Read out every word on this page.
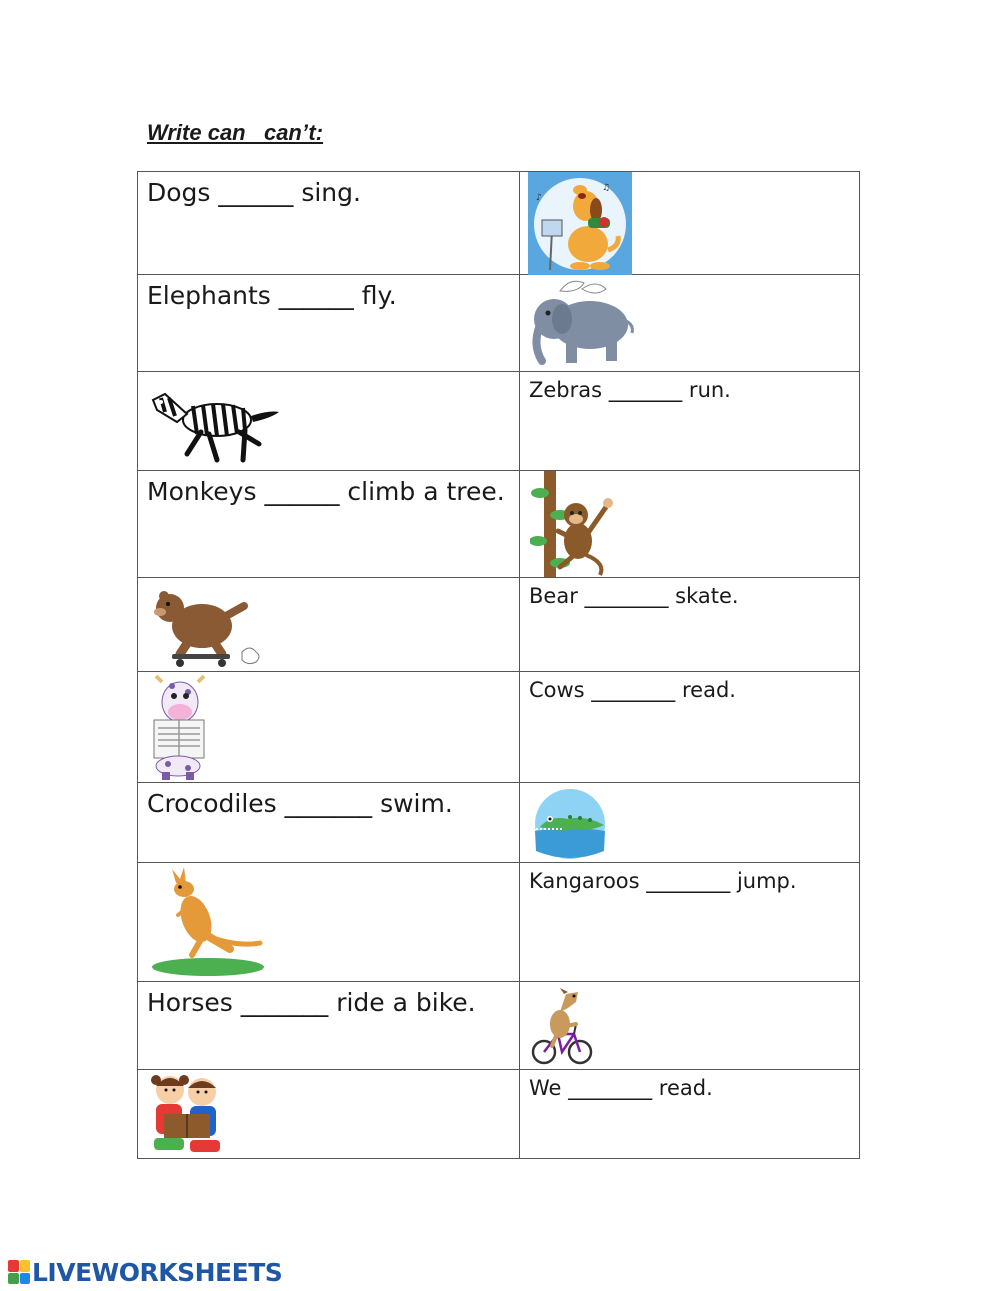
Write can   can’t:
Dogs ______ sing.	♪
♫

Elephants ______ fly.

Zebras _______ run.

Monkeys ______ climb a tree.

Bear ________ skate.

Cows ________ read.

Crocodiles _______ swim.

Kangaroos ________ jump.

Horses _______ ride a bike.

We ________ read.
LIVEWORKSHEETS
